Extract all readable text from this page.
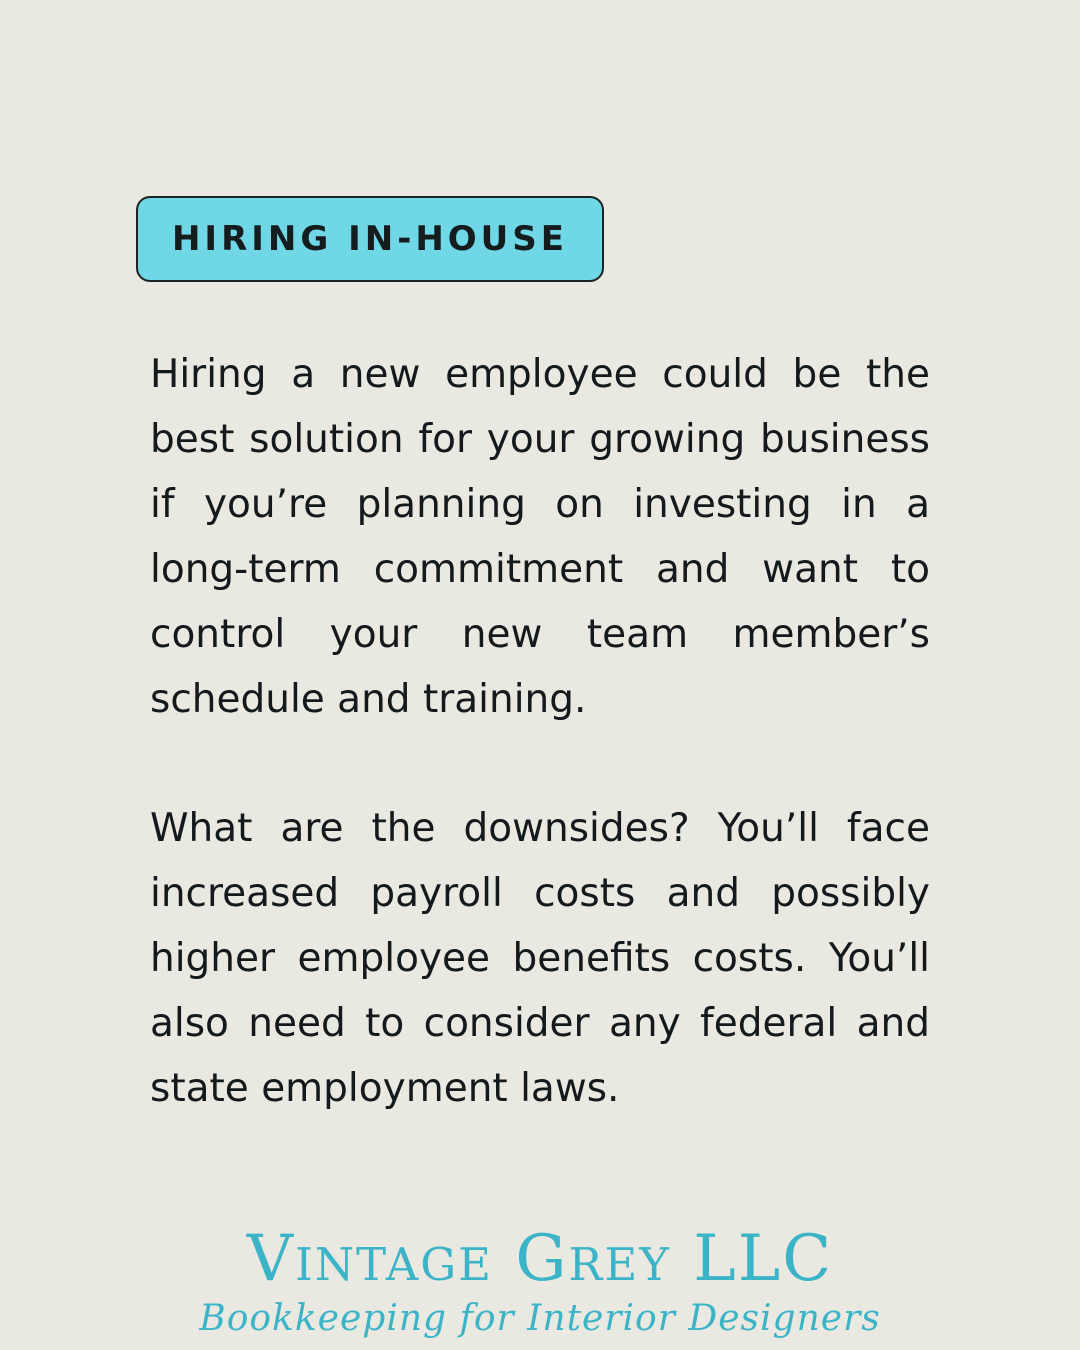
HIRING IN-HOUSE

Hiring a new employee could be the best solution for your growing business if you’re planning on investing in a long-term commitment and want to control your new team member’s schedule and training.

What are the downsides? You’ll face increased payroll costs and possibly higher employee benefits costs. You’ll also need to consider any federal and state employment laws.

Vintage Grey LLC
Bookkeeping for Interior Designers
